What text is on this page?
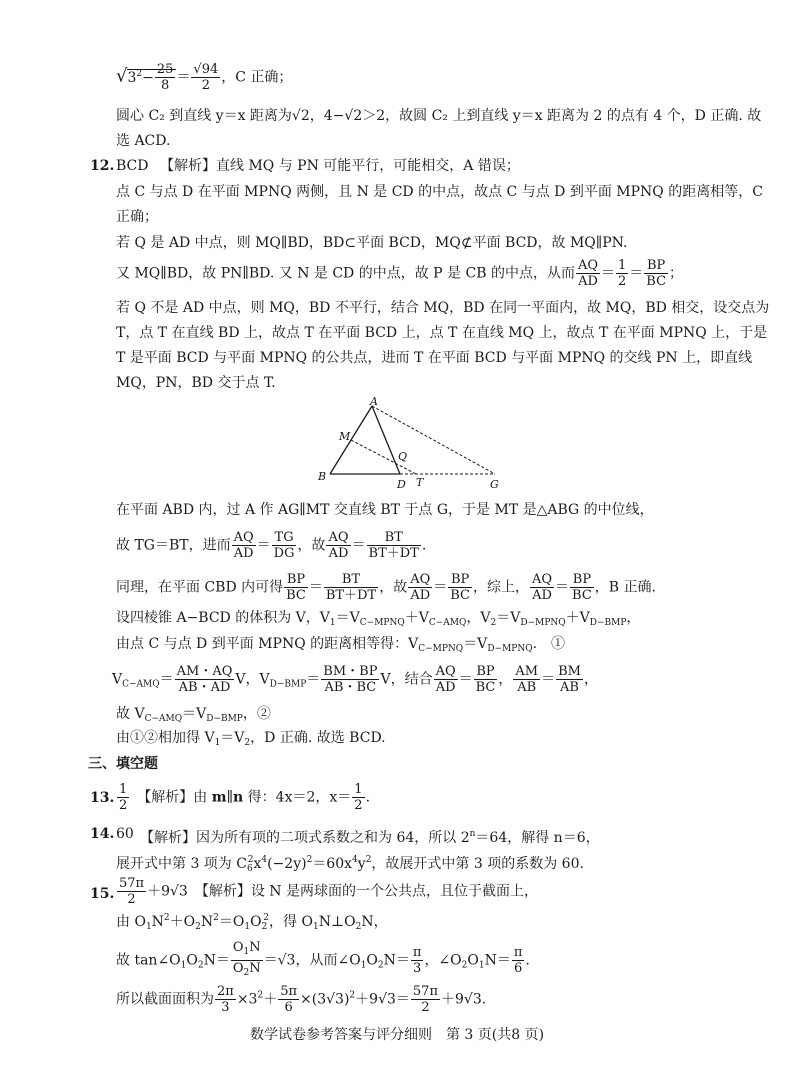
$√3^2- \frac{25}{8} = \frac{√94}{2}$ ，C 正确；
圆心 C₂ 到直线 y＝x 距离为√2，4−√2＞2，故圆 C₂ 上到直线 y＝x 距离为 2 的点有 4 个，D 正确. 故
选 ACD.
12. BCD 【解析】直线 MQ 与 PN 可能平行，可能相交，A 错误；
点 C 与点 D 在平面 MPNQ 两侧，且 N 是 CD 的中点，故点 C 与点 D 到平面 MPNQ 的距离相等，C
正确；
若 Q 是 AD 中点，则 MQ∥BD，BD⊂平面 BCD，MQ⊄平面 BCD，故 MQ∥PN.
又 MQ∥BD，故 PN∥BD. 又 N 是 CD 的中点，故 P 是 CB 的中点，从而 $\frac{AQ}{AD} = \frac{1}{2} = \frac{BP}{BC}$ ；
若 Q 不是 AD 中点，则 MQ，BD 不平行，结合 MQ，BD 在同一平面内，故 MQ，BD 相交，设交点为
T，点 T 在直线 BD 上，故点 T 在平面 BCD 上，点 T 在直线 MQ 上，故点 T 在平面 MPNQ 上，于是
T 是平面 BCD 与平面 MPNQ 的公共点，进而 T 在平面 BCD 与平面 MPNQ 的交线 PN 上，即直线
MQ，PN，BD 交于点 T.
A
M
Q
B
D T	G
在平面 ABD 内，过 A 作 AG∥MT 交直线 BT 于点 G，于是 MT 是△ABG 的中位线，
故 TG＝BT，进而 $\frac{AQ}{AD} = \frac{TG}{DG}$ ，故 $\frac{AQ}{AD} = \frac{BT}{BT+DT}$ .
同理，在平面 CBD 内可得 $\frac{BP}{BC} = \frac{BT}{BT+DT}$ ，故 $\frac{AQ}{AD} = \frac{BP}{BC}$ ，综上， $\frac{AQ}{AD} = \frac{BP}{BC}$ ，B 正确.
设四棱锥 A−BCD 的体积为 V，$V_1=V_{C-MPNQ}+V_{C-AMQ}$，$V_2=V_{D-MPNQ}+V_{D-BMP}$，
由点 C 与点 D 到平面 MPNQ 的距离相等得：$V_{C-MPNQ}=V_{D-MPNQ}$.　①
$V_{C-AMQ}= \frac{AM・AQ}{AB・AD}$ V，$V_{D-BMP}= \frac{BM・BP}{AB・BC}$ V，结合 $\frac{AQ}{AD} = \frac{BP}{BC}$ ， $\frac{AM}{AB} = \frac{BM}{AB}$ ，
故 $V_{C-AMQ}=V_{D-BMP}$，②
由①②相加得 $V_1=V_2$，D 正确. 故选 BCD.
三、填空题
13. $\frac{1}{2}$ 　【解析】由 m∥n 得：4x＝2，$x= \frac{1}{2}$ .
14. 60 【解析】因为所有项的二项式系数之和为 64，所以 $2^n=64$，解得 n＝6，
展开式中第 3 项为 $C_6^2x^4(-2y)^2=60x^4y^2$，故展开式中第 3 项的系数为 60.
15. $\frac{57\pi}{2} +9√3$　【解析】设 N 是两球面的一个公共点，且位于截面上，
由 $O_1N^2+O_2N^2=O_1O_2^2$，得 $O_1N\perp O_2N$，
故 $\tan\angle O_1O_2N= \frac{O_1N}{O_2N} =√3$，从而$\angle O_1O_2N= \frac{\pi}{3}$ ，$\angle O_2O_1N= \frac{\pi}{6}$ .
所以截面面积为 $\frac{2\pi}{3} \times 3^2+ \frac{5\pi}{6} \times(3√3)^2+9√3= \frac{57\pi}{2} +9√3$.
数学试卷参考答案与评分细则　第 3 页(共8 页)
